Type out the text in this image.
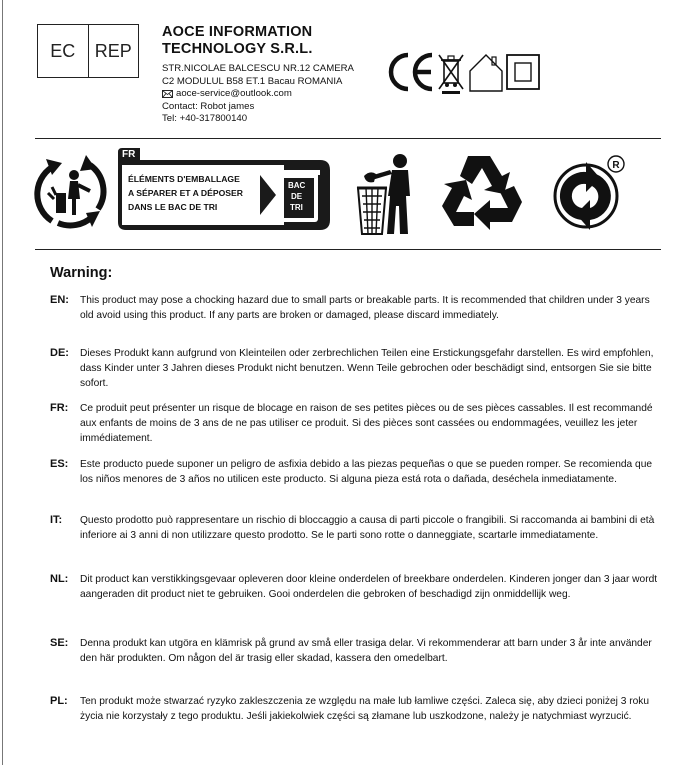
EC	REP
AOCE INFORMATION
TECHNOLOGY S.R.L.
STR.NICOLAE BALCESCU NR.12 CAMERA
C2 MODULUL B58 ET.1 Bacau ROMANIA
aoce-service@outlook.com
Contact: Robot james
Tel: +40-317800140
FR
ÉLÉMENTS D'EMBALLAGE
A SÉPARER ET A DÉPOSER
DANS LE BAC DE TRI
BAC
DE
TRI
R
Warning:
EN: This product may pose a chocking hazard due to small parts or breakable parts. It is recommended that children under 3 years old avoid using this product. If any parts are broken or damaged, please discard immediately.
DE: Dieses Produkt kann aufgrund von Kleinteilen oder zerbrechlichen Teilen eine Erstickungsgefahr darstellen. Es wird empfohlen, dass Kinder unter 3 Jahren dieses Produkt nicht benutzen. Wenn Teile gebrochen oder beschädigt sind, entsorgen Sie sie bitte sofort.
FR: Ce produit peut présenter un risque de blocage en raison de ses petites pièces ou de ses pièces cassables. Il est recommandé aux enfants de moins de 3 ans de ne pas utiliser ce produit. Si des pièces sont cassées ou endommagées, veuillez les jeter immédiatement.
ES: Este producto puede suponer un peligro de asfixia debido a las piezas pequeñas o que se pueden romper. Se recomienda que los niños menores de 3 años no utilicen este producto. Si alguna pieza está rota o dañada, deséchela inmediatamente.
IT: Questo prodotto può rappresentare un rischio di bloccaggio a causa di parti piccole o frangibili. Si raccomanda ai bambini di età inferiore ai 3 anni di non utilizzare questo prodotto. Se le parti sono rotte o danneggiate, scartarle immediatamente.
NL: Dit product kan verstikkingsgevaar opleveren door kleine onderdelen of breekbare onderdelen. Kinderen jonger dan 3 jaar wordt aangeraden dit product niet te gebruiken. Gooi onderdelen die gebroken of beschadigd zijn onmiddellijk weg.
SE: Denna produkt kan utgöra en klämrisk på grund av små eller trasiga delar. Vi rekommenderar att barn under 3 år inte använder den här produkten. Om någon del är trasig eller skadad, kassera den omedelbart.
PL: Ten produkt może stwarzać ryzyko zakleszczenia ze względu na małe lub łamliwe części. Zaleca się, aby dzieci poniżej 3 roku życia nie korzystały z tego produktu. Jeśli jakiekolwiek części są złamane lub uszkodzone, należy je natychmiast wyrzucić.
